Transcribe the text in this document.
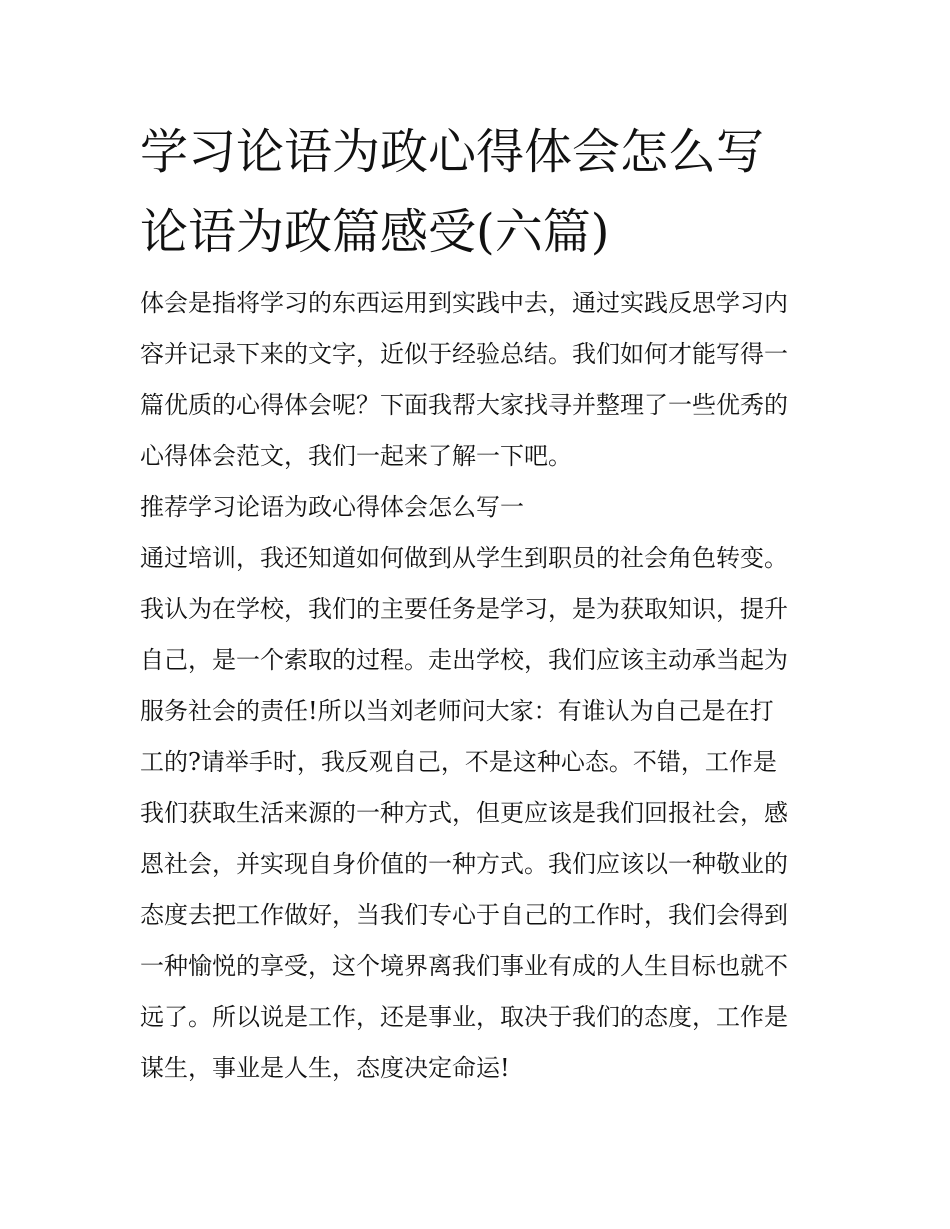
学习论语为政心得体会怎么写
论语为政篇感受(六篇)
体会是指将学习的东西运用到实践中去，通过实践反思学习内
容并记录下来的文字，近似于经验总结。我们如何才能写得一
篇优质的心得体会呢？下面我帮大家找寻并整理了一些优秀的
心得体会范文，我们一起来了解一下吧。
推荐学习论语为政心得体会怎么写一
通过培训，我还知道如何做到从学生到职员的社会角色转变。
我认为在学校，我们的主要任务是学习，是为获取知识，提升
自己，是一个索取的过程。走出学校，我们应该主动承当起为
服务社会的责任!所以当刘老师问大家：有谁认为自己是在打
工的?请举手时，我反观自己，不是这种心态。不错，工作是
我们获取生活来源的一种方式，但更应该是我们回报社会，感
恩社会，并实现自身价值的一种方式。我们应该以一种敬业的
态度去把工作做好，当我们专心于自己的工作时，我们会得到
一种愉悦的享受，这个境界离我们事业有成的人生目标也就不
远了。所以说是工作，还是事业，取决于我们的态度，工作是
谋生，事业是人生，态度决定命运!
